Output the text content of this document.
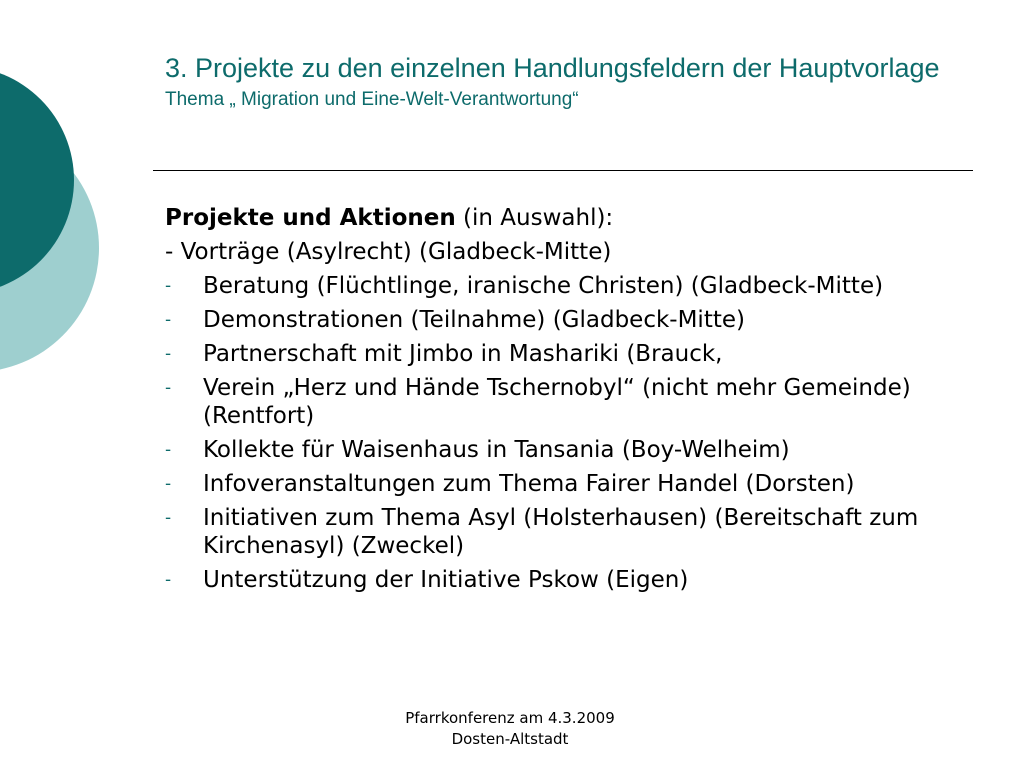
3. Projekte zu den einzelnen Handlungsfeldern der Hauptvorlage
Thema „ Migration und Eine-Welt-Verantwortung“

Projekte und Aktionen (in Auswahl):

- Vorträge (Asylrecht) (Gladbeck-Mitte)

- Beratung (Flüchtlinge, iranische Christen) (Gladbeck-Mitte)
- Demonstrationen (Teilnahme) (Gladbeck-Mitte)
- Partnerschaft mit Jimbo in Mashariki (Brauck,
- Verein „Herz und Hände Tschernobyl“ (nicht mehr Gemeinde) (Rentfort)
- Kollekte für Waisenhaus in Tansania (Boy-Welheim)
- Infoveranstaltungen zum Thema Fairer Handel (Dorsten)
- Initiativen zum Thema Asyl (Holsterhausen) (Bereitschaft zum Kirchenasyl) (Zweckel)
- Unterstützung der Initiative Pskow (Eigen)
Pfarrkonferenz am 4.3.2009
Dosten-Altstadt
